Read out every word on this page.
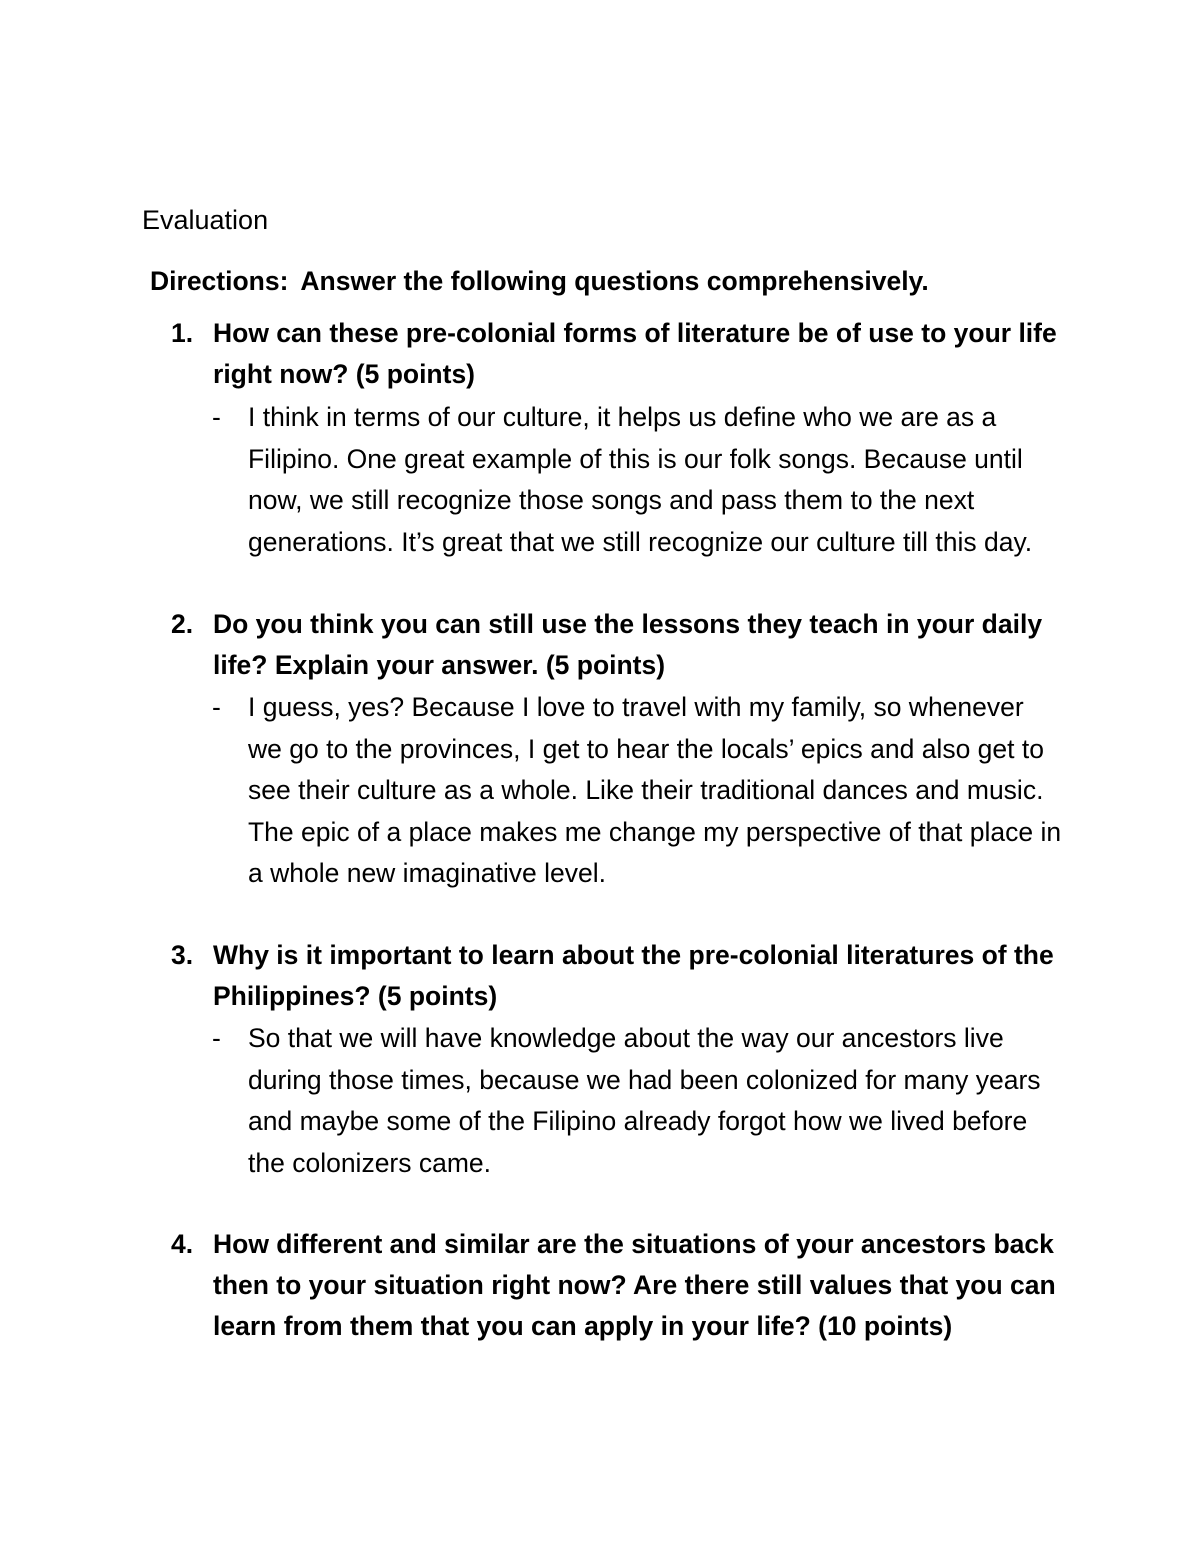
Evaluation
Directions: Answer the following questions comprehensively.
1. How can these pre-colonial forms of literature be of use to your life right now? (5 points)
- I think in terms of our culture, it helps us define who we are as a Filipino. One great example of this is our folk songs. Because until now, we still recognize those songs and pass them to the next generations. It’s great that we still recognize our culture till this day.
2. Do you think you can still use the lessons they teach in your daily life? Explain your answer. (5 points)
- I guess, yes? Because I love to travel with my family, so whenever we go to the provinces, I get to hear the locals’ epics and also get to see their culture as a whole. Like their traditional dances and music. The epic of a place makes me change my perspective of that place in a whole new imaginative level.
3. Why is it important to learn about the pre-colonial literatures of the Philippines? (5 points)
- So that we will have knowledge about the way our ancestors live during those times, because we had been colonized for many years and maybe some of the Filipino already forgot how we lived before the colonizers came.
4. How different and similar are the situations of your ancestors back then to your situation right now? Are there still values that you can learn from them that you can apply in your life? (10 points)
